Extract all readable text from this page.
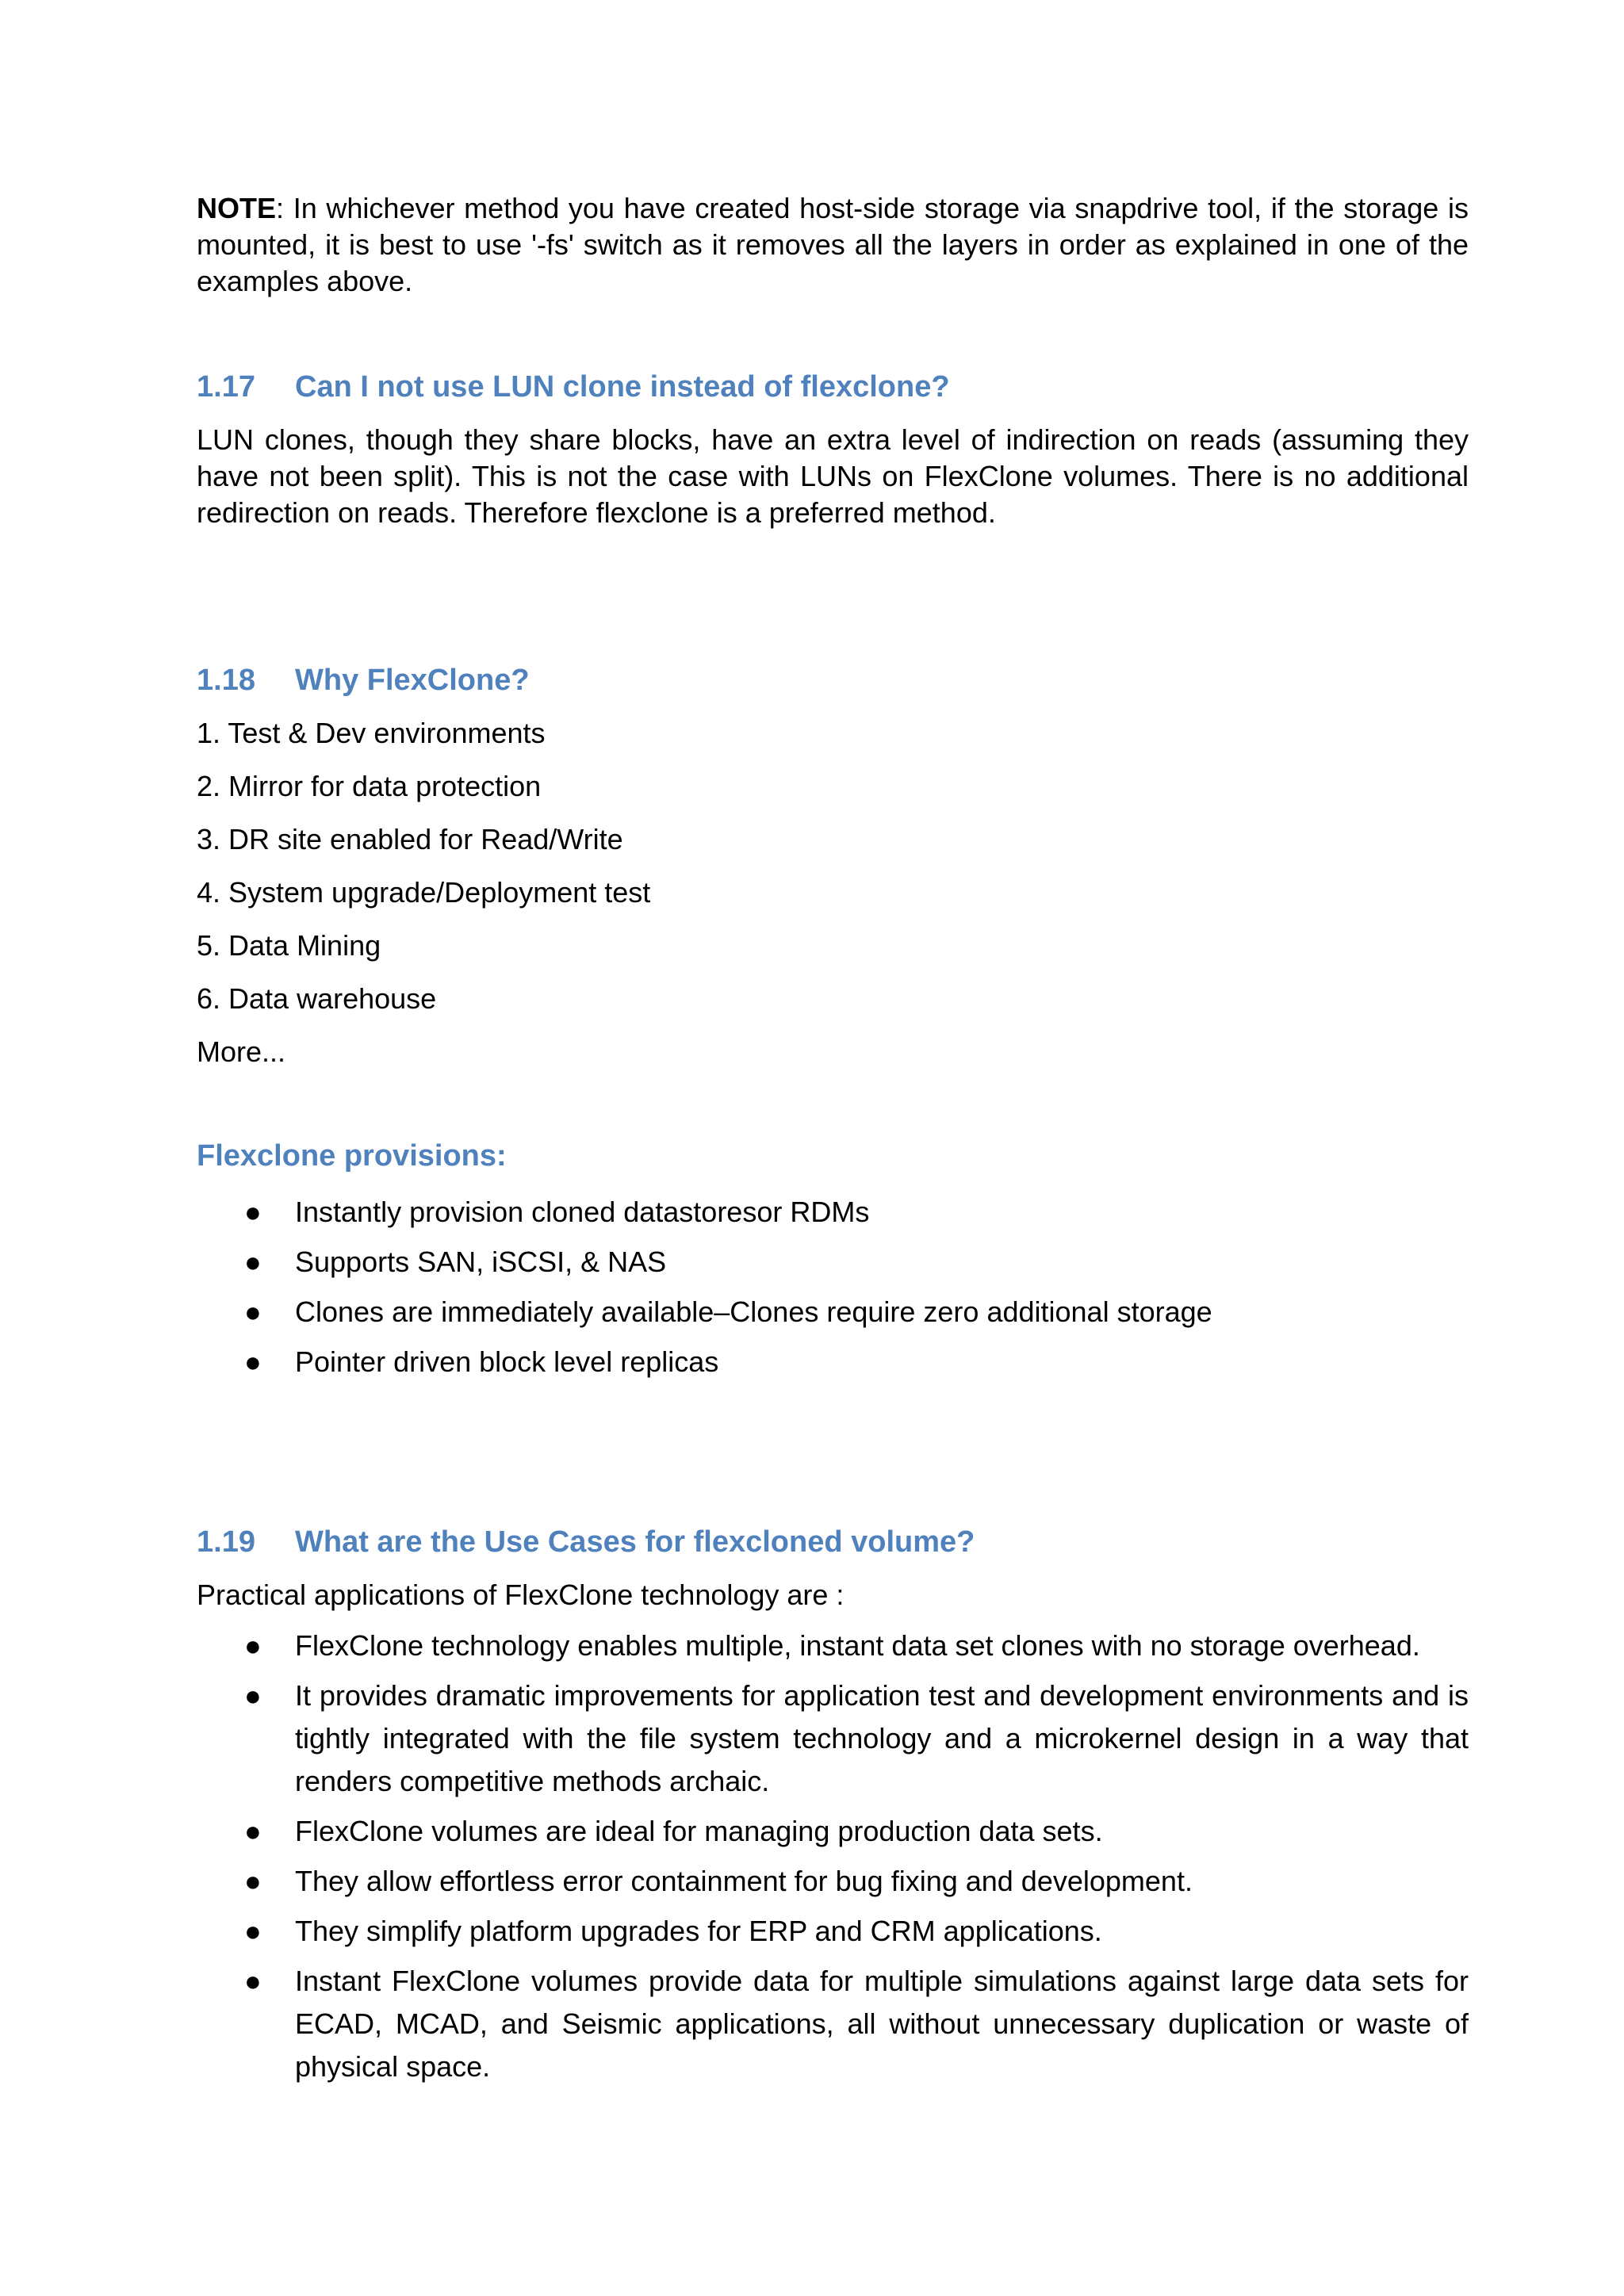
NOTE: In whichever method you have created host-side storage via snapdrive tool, if the storage is mounted, it is best to use '-fs' switch as it removes all the layers in order as explained in one of the examples above.

1.17	Can I not use LUN clone instead of flexclone?

LUN clones, though they share blocks, have an extra level of indirection on reads (assuming they have not been split). This is not the case with LUNs on FlexClone volumes. There is no additional redirection on reads. Therefore flexclone is a preferred method.

1.18	Why FlexClone?
1. Test & Dev environments
2. Mirror for data protection
3. DR site enabled for Read/Write
4. System upgrade/Deployment test
5. Data Mining
6. Data warehouse
More...
Flexclone provisions:
● Instantly provision cloned datastoresor RDMs
● Supports SAN, iSCSI, & NAS
● Clones are immediately available–Clones require zero additional storage
● Pointer driven block level replicas
1.19	What are the Use Cases for flexcloned volume?

Practical applications of FlexClone technology are :

● FlexClone technology enables multiple, instant data set clones with no storage overhead.
● It provides dramatic improvements for application test and development environments and is tightly integrated with the file system technology and a microkernel design in a way that renders competitive methods archaic.
● FlexClone volumes are ideal for managing production data sets.
● They allow effortless error containment for bug fixing and development.
● They simplify platform upgrades for ERP and CRM applications.
● Instant FlexClone volumes provide data for multiple simulations against large data sets for ECAD, MCAD, and Seismic applications, all without unnecessary duplication or waste of physical space.
